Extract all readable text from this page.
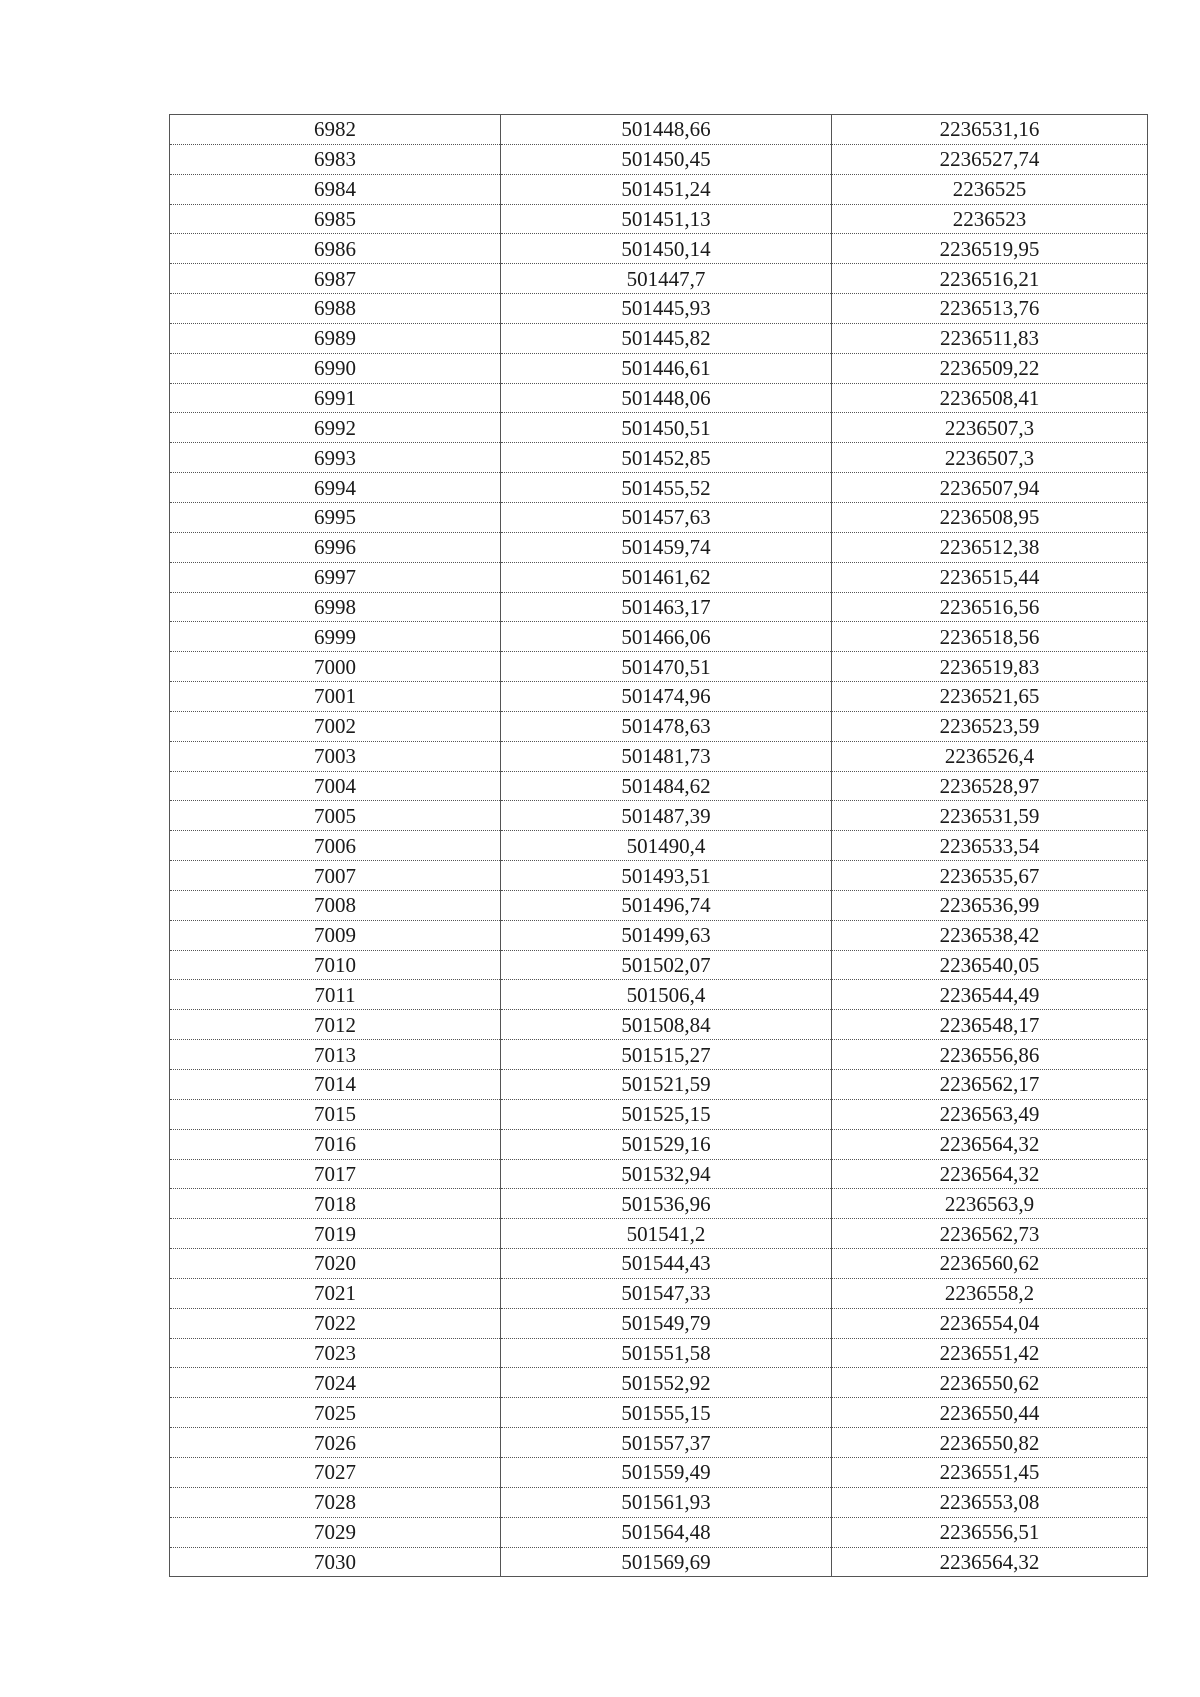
6982	501448,66	2236531,16
6983	501450,45	2236527,74
6984	501451,24	2236525
6985	501451,13	2236523
6986	501450,14	2236519,95
6987	501447,7	2236516,21
6988	501445,93	2236513,76
6989	501445,82	2236511,83
6990	501446,61	2236509,22
6991	501448,06	2236508,41
6992	501450,51	2236507,3
6993	501452,85	2236507,3
6994	501455,52	2236507,94
6995	501457,63	2236508,95
6996	501459,74	2236512,38
6997	501461,62	2236515,44
6998	501463,17	2236516,56
6999	501466,06	2236518,56
7000	501470,51	2236519,83
7001	501474,96	2236521,65
7002	501478,63	2236523,59
7003	501481,73	2236526,4
7004	501484,62	2236528,97
7005	501487,39	2236531,59
7006	501490,4	2236533,54
7007	501493,51	2236535,67
7008	501496,74	2236536,99
7009	501499,63	2236538,42
7010	501502,07	2236540,05
7011	501506,4	2236544,49
7012	501508,84	2236548,17
7013	501515,27	2236556,86
7014	501521,59	2236562,17
7015	501525,15	2236563,49
7016	501529,16	2236564,32
7017	501532,94	2236564,32
7018	501536,96	2236563,9
7019	501541,2	2236562,73
7020	501544,43	2236560,62
7021	501547,33	2236558,2
7022	501549,79	2236554,04
7023	501551,58	2236551,42
7024	501552,92	2236550,62
7025	501555,15	2236550,44
7026	501557,37	2236550,82
7027	501559,49	2236551,45
7028	501561,93	2236553,08
7029	501564,48	2236556,51
7030	501569,69	2236564,32
